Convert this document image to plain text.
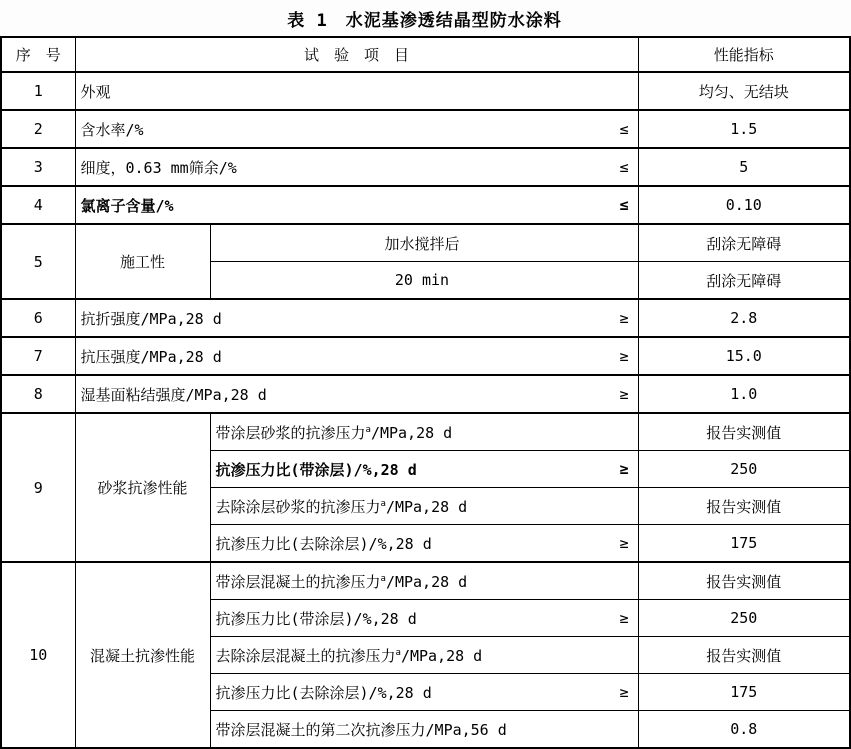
表 1　水泥基渗透结晶型防水涂料
序　号	试　验　项　目		性能指标
1	外观		均匀、无结块
2	含水率/% ≤		1.5
3	细度，0.63 mm筛余/% ≤		5
4	氯离子含量/% ≤		0.10
5	施工性	加水搅拌后	刮涂无障碍

		20 min	刮涂无障碍
6	抗折强度/MPa,28 d ≥		2.8
7	抗压强度/MPa,28 d ≥		15.0
8	湿基面粘结强度/MPa,28 d ≥		1.0
9	砂浆抗渗性能	带涂层砂浆的抗渗压力$^a$/MPa,28 d	报告实测值

		抗渗压力比(带涂层)/%,28 d ≥	250

		去除涂层砂浆的抗渗压力$^a$/MPa,28 d	报告实测值

		抗渗压力比(去除涂层)/%,28 d ≥	175
10	混凝土抗渗性能	带涂层混凝土的抗渗压力$^a$/MPa,28 d	报告实测值

		抗渗压力比(带涂层)/%,28 d ≥	250

		去除涂层混凝土的抗渗压力$^a$/MPa,28 d	报告实测值

		抗渗压力比(去除涂层)/%,28 d ≥	175

		带涂层混凝土的第二次抗渗压力/MPa,56 d	0.8
